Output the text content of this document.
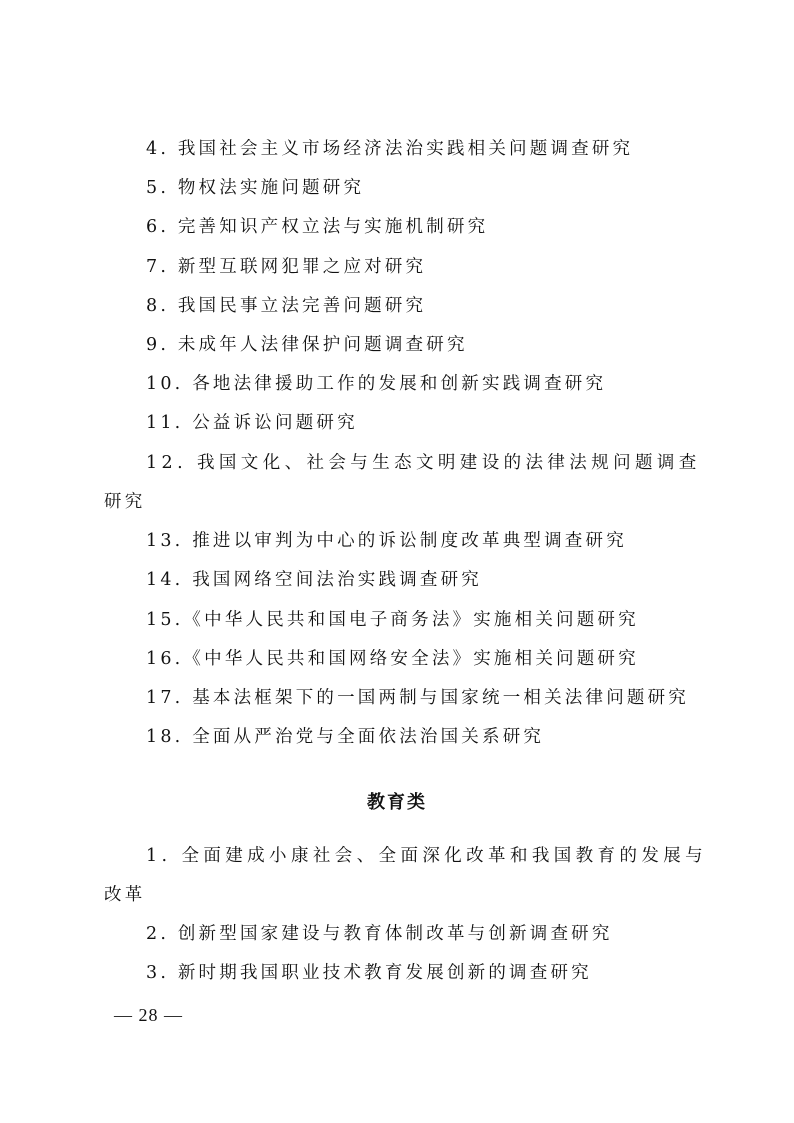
4. 我国社会主义市场经济法治实践相关问题调查研究
5. 物权法实施问题研究
6. 完善知识产权立法与实施机制研究
7. 新型互联网犯罪之应对研究
8. 我国民事立法完善问题研究
9. 未成年人法律保护问题调查研究
10. 各地法律援助工作的发展和创新实践调查研究
11. 公益诉讼问题研究
12. 我国文化、社会与生态文明建设的法律法规问题调查
研究
13. 推进以审判为中心的诉讼制度改革典型调查研究
14. 我国网络空间法治实践调查研究
15.《中华人民共和国电子商务法》实施相关问题研究
16.《中华人民共和国网络安全法》实施相关问题研究
17. 基本法框架下的一国两制与国家统一相关法律问题研究
18. 全面从严治党与全面依法治国关系研究
教育类
1. 全面建成小康社会、全面深化改革和我国教育的发展与
改革
2. 创新型国家建设与教育体制改革与创新调查研究
3. 新时期我国职业技术教育发展创新的调查研究
— 28 —
